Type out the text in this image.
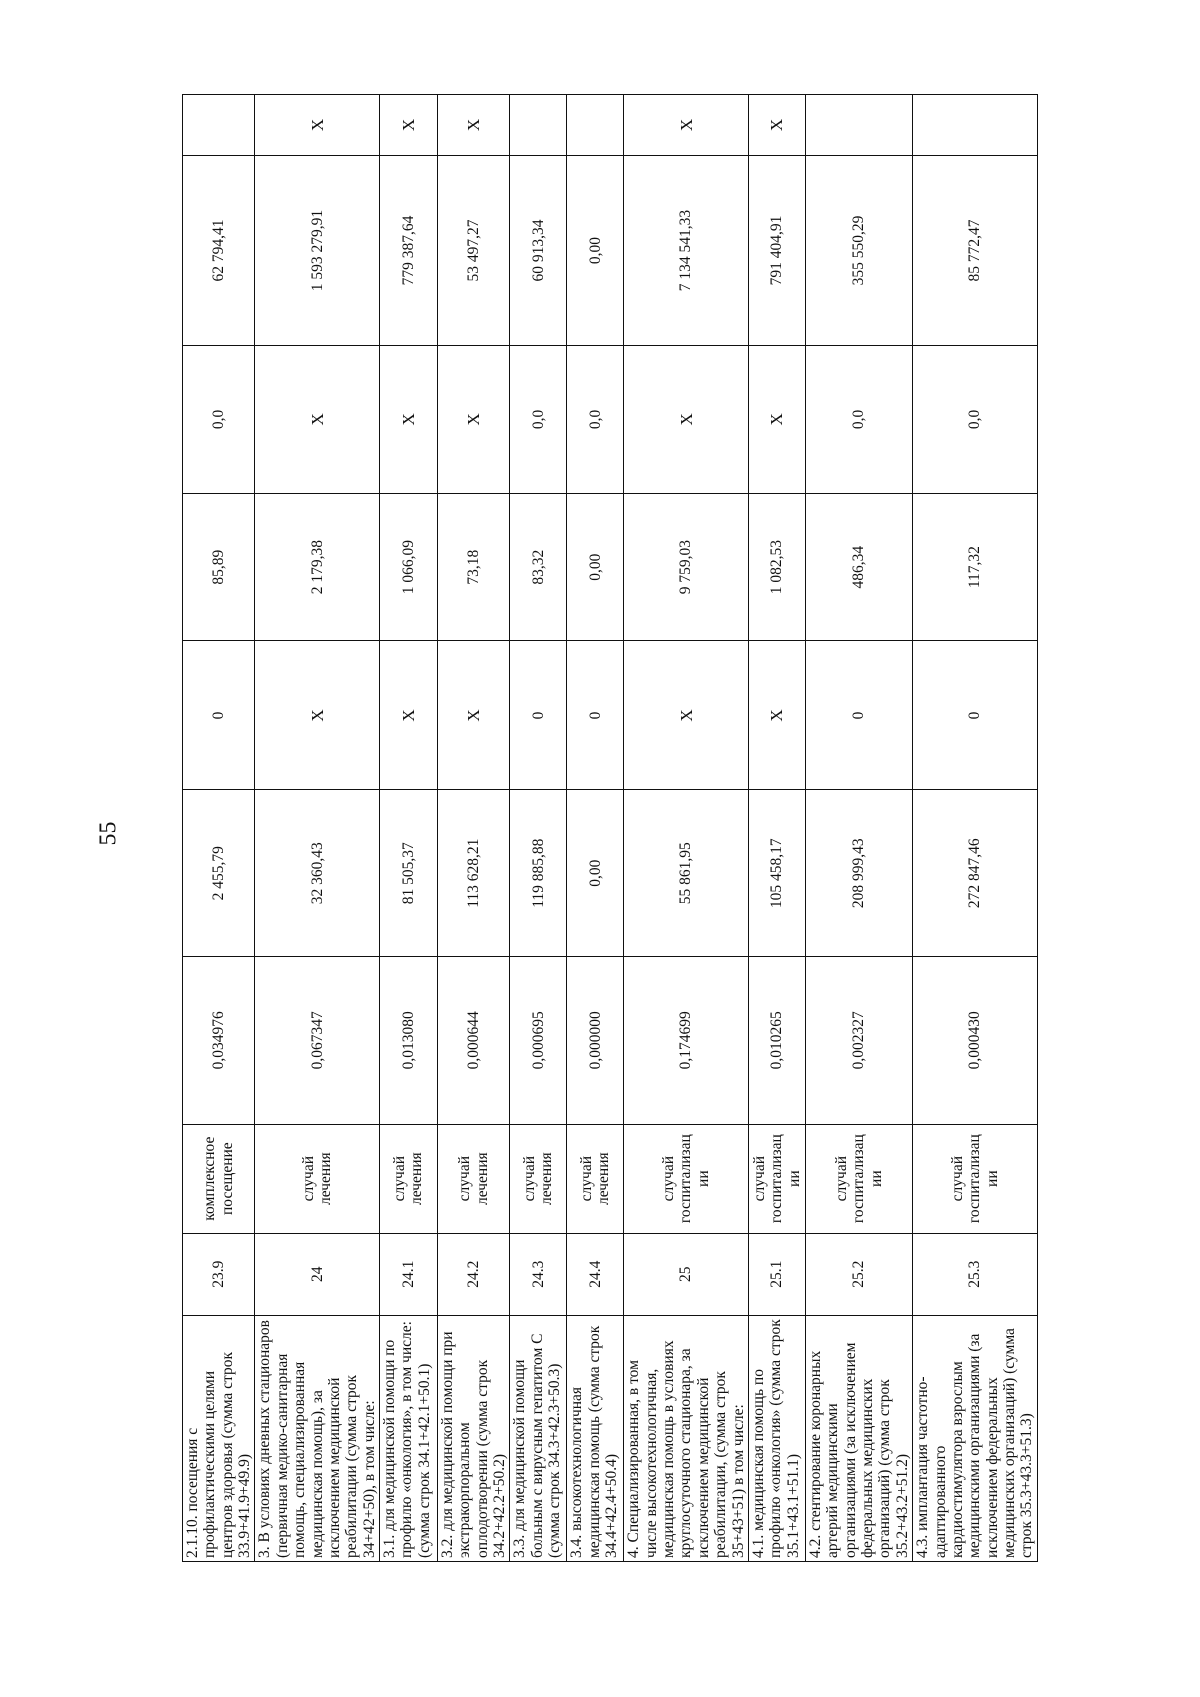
55
2.1.10. посещения с профилактическими целями центров здоровья (сумма строк 33.9+41.9+49.9)	23.9	комплексное посещение	0,034976	2 455,79	0	85,89	0,0	62 794,41	
3. В условиях дневных стационаров (первичная медико-санитарная помощь, специализированная медицинская помощь), за исключением медицинской реабилитации (сумма строк 34+42+50), в том числе:	24	случай лечения	0,067347	32 360,43	X	2 179,38	X	1 593 279,91	X
3.1. для медицинской помощи по профилю «онкология», в том числе: (сумма строк 34.1+42.1+50.1)	24.1	случай лечения	0,013080	81 505,37	X	1 066,09	X	779 387,64	X
3.2. для медицинской помощи при экстракорпоральном оплодотворении (сумма строк 34.2+42.2+50.2)	24.2	случай лечения	0,000644	113 628,21	X	73,18	X	53 497,27	X
3.3. для медицинской помощи больным с вирусным гепатитом С (сумма строк 34.3+42.3+50.3)	24.3	случай лечения	0,000695	119 885,88	0	83,32	0,0	60 913,34	
3.4. высокотехнологичная медицинская помощь (сумма строк 34.4+42.4+50.4)	24.4	случай лечения	0,000000	0,00	0	0,00	0,0	0,00	
4. Специализированная, в том числе высокотехнологичная, медицинская помощь в условиях круглосуточного стационара, за исключением медицинской реабилитации, (сумма строк 35+43+51) в том числе:	25	случай госпитализац ии	0,174699	55 861,95	X	9 759,03	X	7 134 541,33	X
4.1. медицинская помощь по профилю «онкология» (сумма строк 35.1+43.1+51.1)	25.1	случай госпитализац ии	0,010265	105 458,17	X	1 082,53	X	791 404,91	X
4.2. стентирование коронарных артерий медицинскими организациями (за исключением федеральных медицинских организаций) (сумма строк 35.2+43.2+51.2)	25.2	случай госпитализац ии	0,002327	208 999,43	0	486,34	0,0	355 550,29	
4.3. имплантация частотно-адаптированного кардиостимулятора взрослым медицинскими организациями (за исключением федеральных медицинских организаций) (сумма строк 35.3+43.3+51.3)	25.3	случай госпитализац ии	0,000430	272 847,46	0	117,32	0,0	85 772,47	
